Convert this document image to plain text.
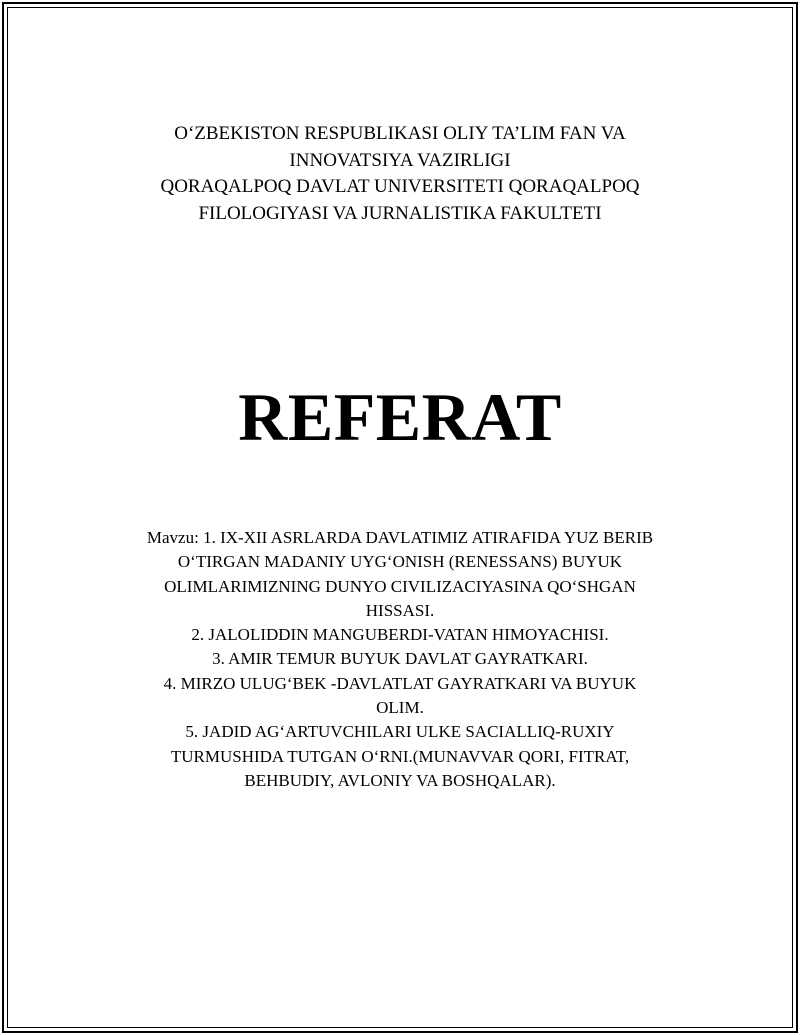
O‘ZBEKISTON RESPUBLIKASI OLIY TA’LIM FAN VA
INNOVATSIYA VAZIRLIGI
QORAQALPOQ DAVLAT UNIVERSITETI QORAQALPOQ
FILOLOGIYASI VA JURNALISTIKA FAKULTETI
REFERAT
Mavzu: 1. IX-XII ASRLARDA DAVLATIMIZ ATIRAFIDA YUZ BERIB
O‘TIRGAN MADANIY UYG‘ONISH (RENESSANS) BUYUK
OLIMLARIMIZNING DUNYO CIVILIZACIYASINA QO‘SHGAN
HISSASI.
2. JALOLIDDIN MANGUBERDI-VATAN HIMOYACHISI.
3. AMIR TEMUR BUYUK DAVLAT GAYRATKARI.
4. MIRZO ULUG‘BEK -DAVLATLAT GAYRATKARI VA BUYUK
OLIM.
5. JADID AG‘ARTUVCHILARI ULKE SACIALLIQ-RUXIY
TURMUSHIDA TUTGAN O‘RNI.(MUNAVVAR QORI, FITRAT,
BEHBUDIY, AVLONIY VA BOSHQALAR).
